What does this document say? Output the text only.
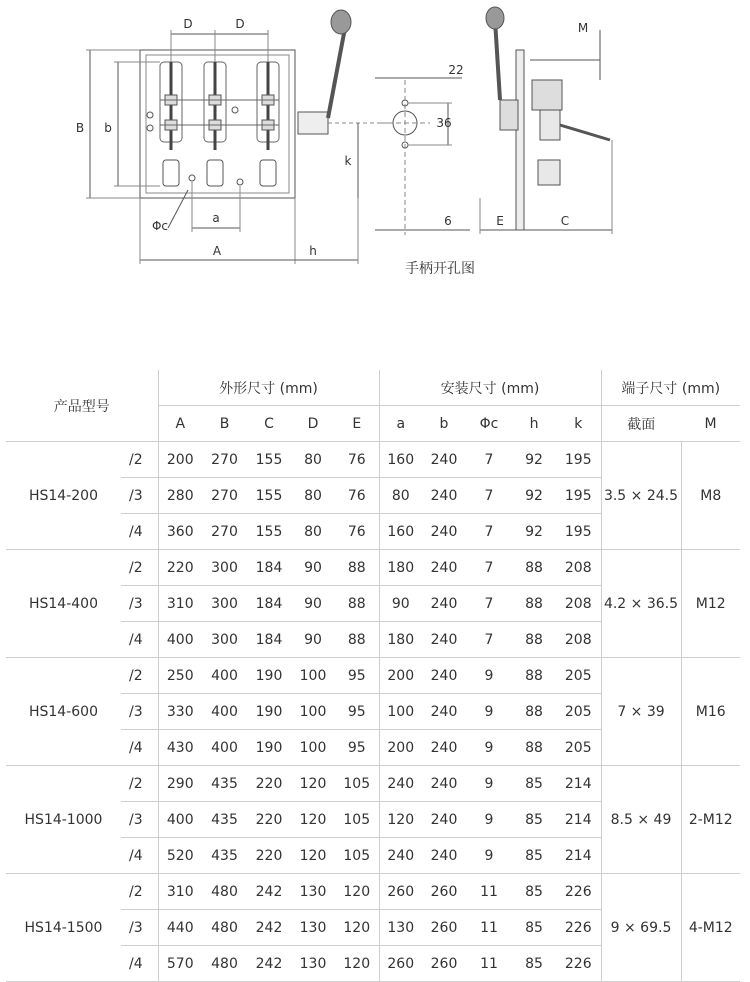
D	D
B b
k
Φc
a
A	h
22
36
6	E	C
M
手柄开孔图
产品型号		外形尺寸 (mm)					安装尺寸 (mm)					端子尺寸 (mm)	
		A	B	C	D	E	a	b	Φc	h	k	截面	M
HS14-200	/2	200	270	155	80	76	160	240	7	92	195	3.5 × 24.5	M8
	/3	280	270	155	80	76	80	240	7	92	195		
	/4	360	270	155	80	76	160	240	7	92	195		
HS14-400	/2	220	300	184	90	88	180	240	7	88	208	4.2 × 36.5	M12
	/3	310	300	184	90	88	90	240	7	88	208		
	/4	400	300	184	90	88	180	240	7	88	208		
HS14-600	/2	250	400	190	100	95	200	240	9	88	205	7 × 39	M16
	/3	330	400	190	100	95	100	240	9	88	205		
	/4	430	400	190	100	95	200	240	9	88	205		
HS14-1000	/2	290	435	220	120	105	240	240	9	85	214	8.5 × 49	2-M12
	/3	400	435	220	120	105	120	240	9	85	214		
	/4	520	435	220	120	105	240	240	9	85	214		
HS14-1500	/2	310	480	242	130	120	260	260	11	85	226	9 × 69.5	4-M12
	/3	440	480	242	130	120	130	260	11	85	226		
	/4	570	480	242	130	120	260	260	11	85	226		
